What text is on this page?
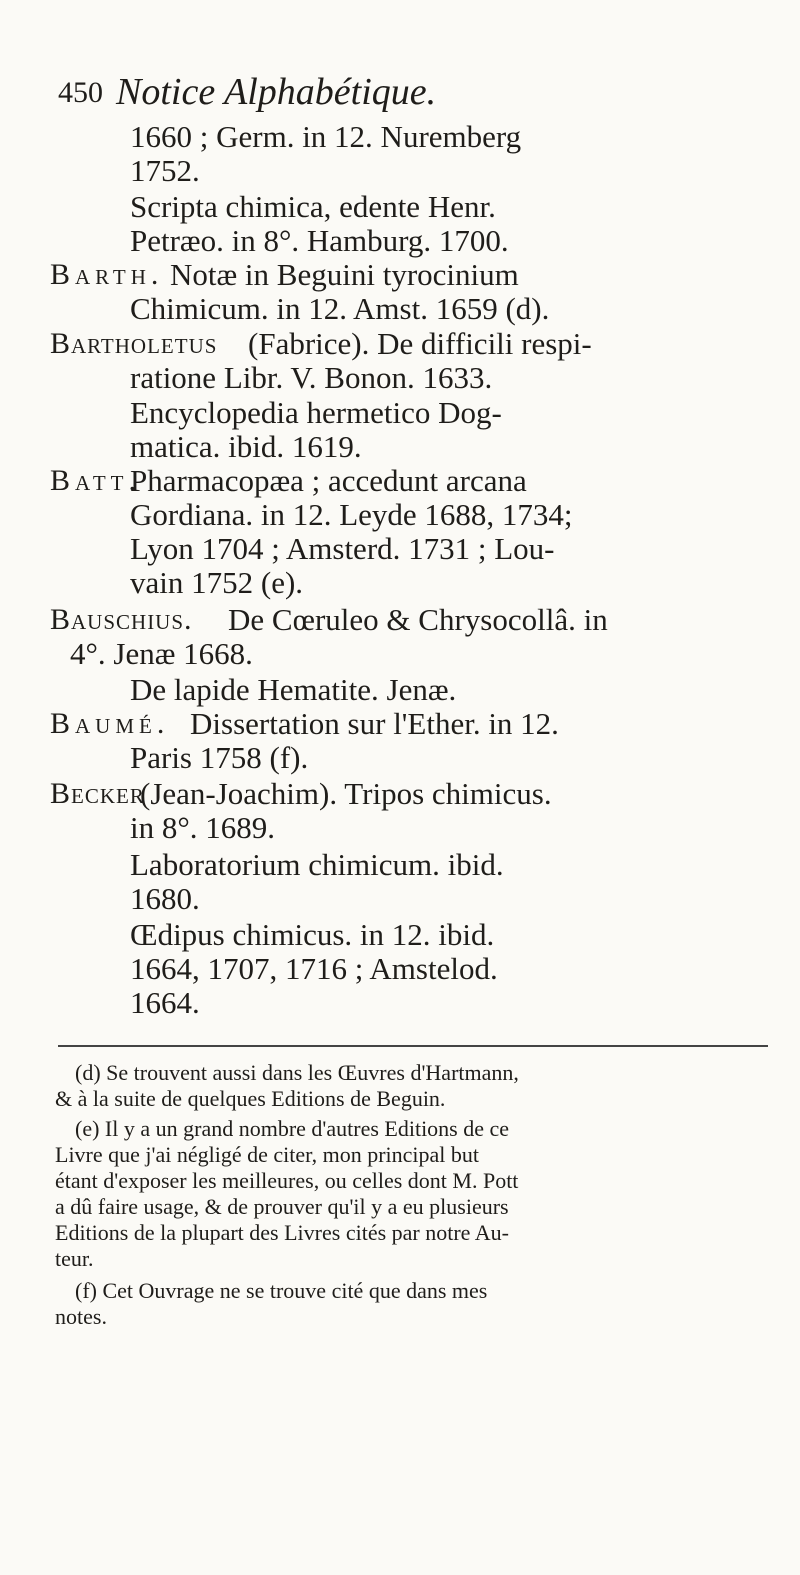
450 Notice Alphabétique.
1660 ; Germ. in 12. Nuremberg
1752.
Scripta chimica, edente Henr.
Petræo. in 8°. Hamburg. 1700.
Barth. Notæ in Beguini tyrocinium
Chimicum. in 12. Amst. 1659 (d).
Bartholetus (Fabrice). De difficili respi-
ratione Libr. V. Bonon. 1633.
Encyclopedia hermetico Dog-
matica. ibid. 1619.
Batt.
Pharmacopæa ; accedunt arcana
Gordiana. in 12. Leyde 1688, 1734;
Lyon 1704 ; Amsterd. 1731 ; Lou-
vain 1752 (e).
Bauschius. De Cœruleo & Chrysocollâ. in
4°. Jenæ 1668.
De lapide Hematite. Jenæ.
Baumé. Dissertation sur l'Ether. in 12.
Paris 1758 (f).
Becker
(Jean-Joachim). Tripos chimicus.
in 8°. 1689.
Laboratorium chimicum. ibid.
1680.
Œdipus chimicus. in 12. ibid.
1664, 1707, 1716 ; Amstelod.
1664.
(d) Se trouvent aussi dans les Œuvres d'Hartmann,
& à la suite de quelques Editions de Beguin.
(e) Il y a un grand nombre d'autres Editions de ce
Livre que j'ai négligé de citer, mon principal but
étant d'exposer les meilleures, ou celles dont M. Pott
a dû faire usage, & de prouver qu'il y a eu plusieurs
Editions de la plupart des Livres cités par notre Au-
teur.
(f) Cet Ouvrage ne se trouve cité que dans mes
notes.
